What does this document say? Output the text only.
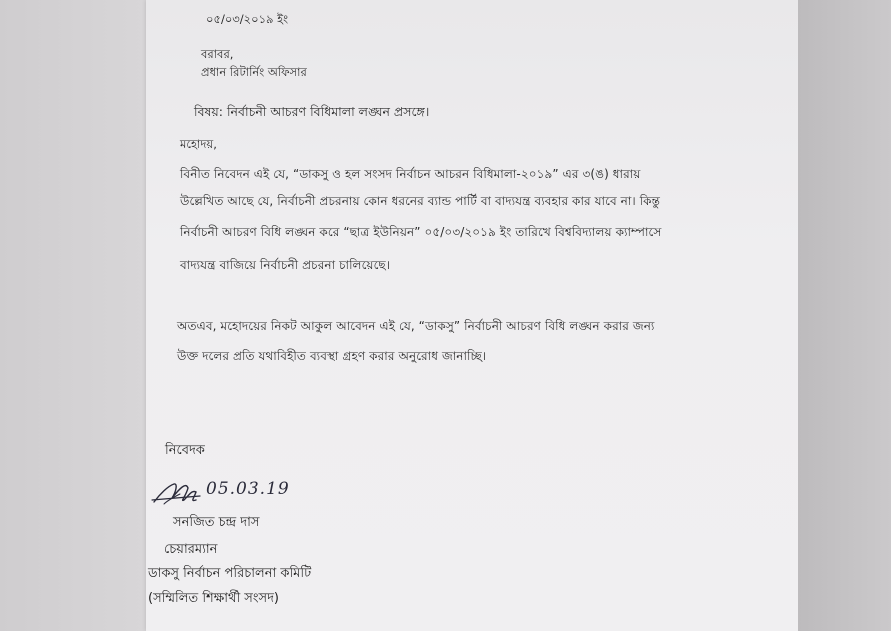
০৫/০৩/২০১৯ ইং
বরাবর,
প্রধান রিটার্নিং অফিসার
বিষয়: নির্বাচনী আচরণ বিধিমালা লঙ্ঘন প্রসঙ্গে।
মহোদয়,
বিনীত নিবেদন এই যে, “ডাকসু ও হল সংসদ নির্বাচন আচরন বিধিমালা-২০১৯” এর ৩(ঙ) ধারায়
উল্লেখিত আছে যে, নির্বাচনী প্রচরনায় কোন ধরনের ব্যান্ড পার্টি বা বাদ্যযন্ত্র ব্যবহার কার যাবে না। কিন্তু
নির্বাচনী আচরণ বিধি লঙ্ঘন করে “ছাত্র ইউনিয়ন” ০৫/০৩/২০১৯ ইং তারিখে বিশ্ববিদ্যালয় ক্যাম্পাসে
বাদ্যযন্ত্র বাজিয়ে নির্বাচনী প্রচরনা চালিয়েছে।
অতএব, মহোদয়ের নিকট আকুল আবেদন এই যে, “ডাকসু” নির্বাচনী আচরণ বিধি লঙ্ঘন করার জন্য
উক্ত দলের প্রতি যথাবিহীত ব্যবস্থা গ্রহণ করার অনুরোধ জানাচ্ছি।
নিবেদক
05.03.19
সনজিত চন্দ্র দাস
চেয়ারম্যান
ডাকসু নির্বাচন পরিচালনা কমিটি
(সম্মিলিত শিক্ষার্থী সংসদ)
